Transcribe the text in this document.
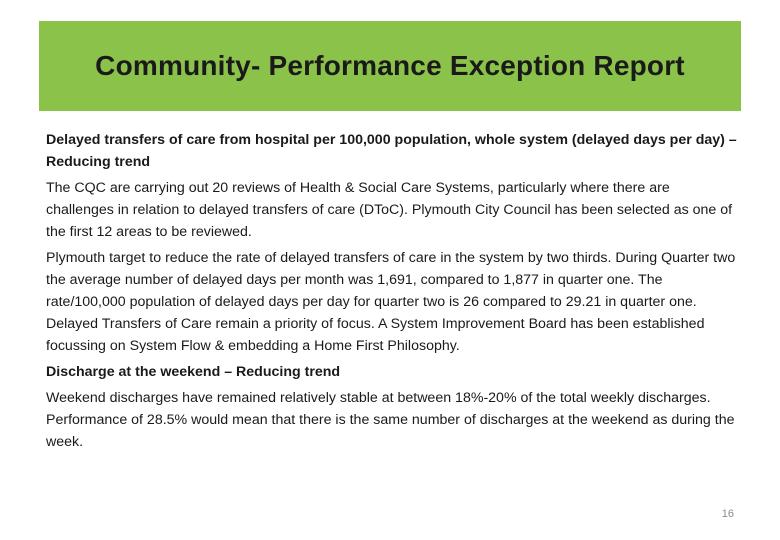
Community- Performance Exception Report

Delayed transfers of care from hospital per 100,000 population, whole system (delayed days per day) – Reducing trend

The CQC are carrying out 20 reviews of Health & Social Care Systems, particularly where there are challenges in relation to delayed transfers of care (DToC). Plymouth City Council has been selected as one of the first 12 areas to be reviewed.

Plymouth target to reduce the rate of delayed transfers of care in the system by two thirds. During Quarter two the average number of delayed days per month was 1,691, compared to 1,877 in quarter one. The rate/100,000 population of delayed days per day for quarter two is 26 compared to 29.21 in quarter one. Delayed Transfers of Care remain a priority of focus. A System Improvement Board has been established focussing on System Flow & embedding a Home First Philosophy.

Discharge at the weekend – Reducing trend

Weekend discharges have remained relatively stable at between 18%-20% of the total weekly discharges. Performance of 28.5% would mean that there is the same number of discharges at the weekend as during the week.

16
